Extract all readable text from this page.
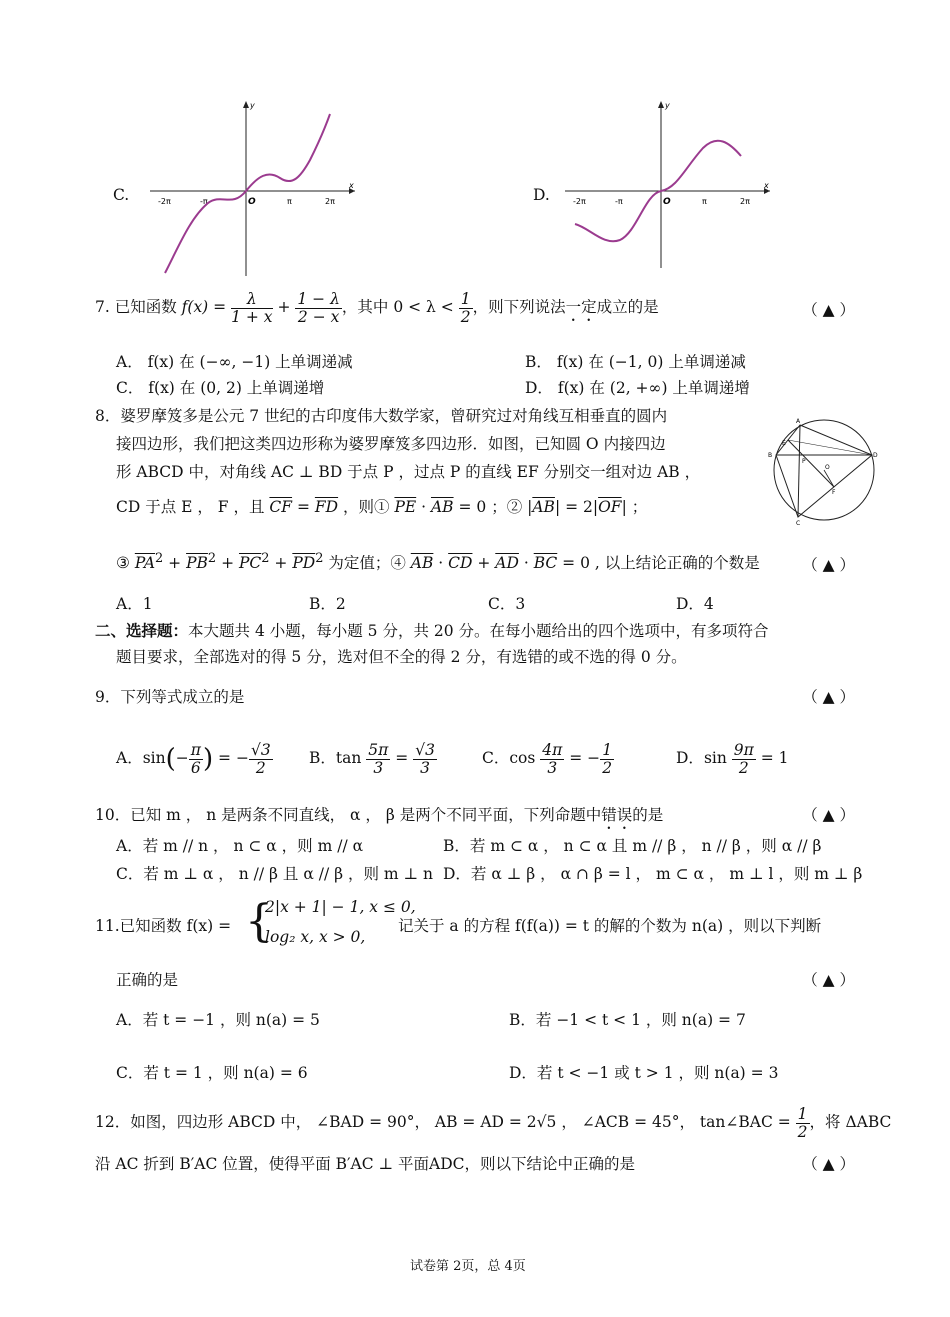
C.
x
y
-2π	-π	O	π	2π	D.
x
y
-2π	-π	O	π	2π
7. 已知函数 $f(x) = \frac{\lambda}{1 + x} + \frac{1 - \lambda}{2 - x}$ ，其中 $0 < \lambda < \frac{1}{2}$ ，则下列说法一定成立的是	（ ▲ ）
A． f(x) 在 (−∞, −1) 上单调递减	B． f(x) 在 (−1, 0) 上单调递减
C． f(x) 在 (0, 2) 上单调递增	D． f(x) 在 (2, +∞) 上单调递增
8．婆罗摩笈多是公元 7 世纪的古印度伟大数学家，曾研究过对角线互相垂直的圆内
接四边形，我们把这类四边形称为婆罗摩笈多四边形．如图，已知圆 O 内接四边
形 ABCD 中，对角线 AC ⊥ BD 于点 P ，过点 P 的直线 EF 分别交一组对边 AB ，
CD 于点 E ， F ，且 $\overline{CF} = \overline{FD}$ ，则① $\overline{PE} \cdot \overline{AB} = 0$ ；② $|\overline{AB}| = 2|\overline{OF}|$ ；
③ $\overline{PA}^2 + \overline{PB}^2 + \overline{PC}^2 + \overline{PD}^2$ 为定值；④ $\overline{AB} \cdot \overline{CD} + \overline{AD} \cdot \overline{BC} = 0$ , 以上结论正确的个数是	（ ▲ ）
A．1	B．2	C．3	D．4
A
B
C
D
E
F
O
P
二、选择题：本大题共 4 小题，每小题 5 分，共 20 分。在每小题给出的四个选项中，有多项符合
题目要求，全部选对的得 5 分，选对但不全的得 2 分，有选错的或不选的得 0 分。
9．下列等式成立的是	（ ▲ ）
A．$\sin(- \frac{\pi}{6}$ ) = − $\frac{√3}{2}$ B．$\tan \frac{5\pi}{3} = \frac{√3}{3}$	C．$\cos \frac{4\pi}{3}$ = − $\frac{1}{2}$	D．$\sin \frac{9\pi}{2} = 1$
10．已知 m ， n 是两条不同直线， α ， β 是两个不同平面，下列命题中错误的是	（ ▲ ）
A．若 m // n ， n ⊂ α ，则 m // α	B．若 m ⊂ α ， n ⊂ α 且 m // β ， n // β ，则 α // β
C．若 m ⊥ α ， n // β 且 α // β ，则 m ⊥ n D．若 α ⊥ β ， α ∩ β = l ， m ⊂ α ， m ⊥ l ，则 m ⊥ β
11.已知函数 f(x) = {
2|x + 1| − 1, x ≤ 0,
log₂ x, x > 0,
记关于 a 的方程 f(f(a)) = t 的解的个数为 n(a) ，则以下判断
正确的是	（ ▲ ）
A．若 t = −1 ，则 n(a) = 5	B．若 −1 < t < 1 ，则 n(a) = 7
C．若 t = 1 ，则 n(a) = 6	D．若 t < −1 或 t > 1 ，则 n(a) = 3
12．如图，四边形 ABCD 中， ∠BAD = 90°， AB = AD = 2√5 ， ∠ACB = 45°， tan∠BAC = $\frac{1}{2}$ ，将 ΔABC
沿 AC 折到 B′AC 位置，使得平面 B′AC ⊥ 平面ADC，则以下结论中正确的是	（ ▲ ）
试卷第 2页，总 4页
